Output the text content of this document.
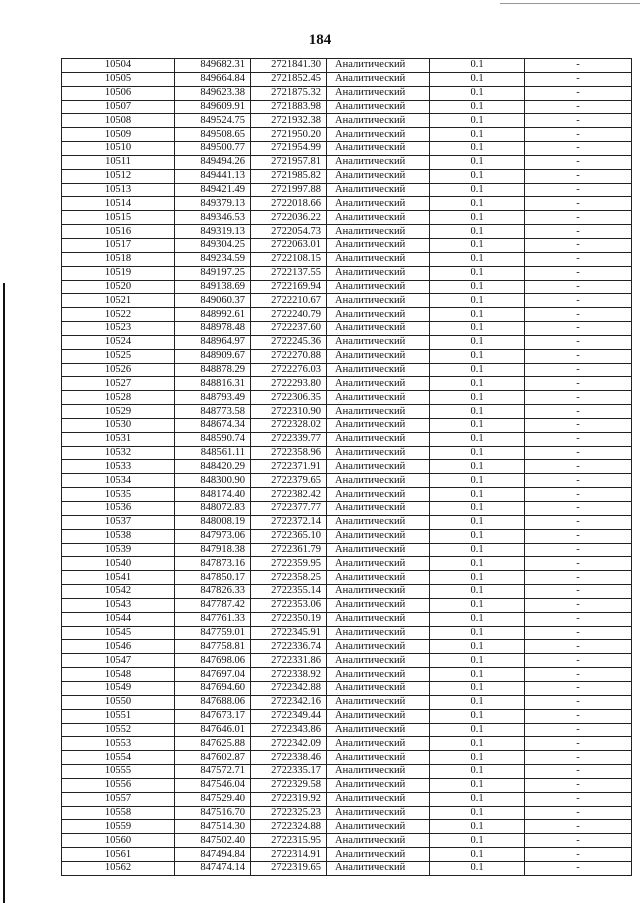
184
10504	849682.31	2721841.30	Аналитический	0.1	-
10505	849664.84	2721852.45	Аналитический	0.1	-
10506	849623.38	2721875.32	Аналитический	0.1	-
10507	849609.91	2721883.98	Аналитический	0.1	-
10508	849524.75	2721932.38	Аналитический	0.1	-
10509	849508.65	2721950.20	Аналитический	0.1	-
10510	849500.77	2721954.99	Аналитический	0.1	-
10511	849494.26	2721957.81	Аналитический	0.1	-
10512	849441.13	2721985.82	Аналитический	0.1	-
10513	849421.49	2721997.88	Аналитический	0.1	-
10514	849379.13	2722018.66	Аналитический	0.1	-
10515	849346.53	2722036.22	Аналитический	0.1	-
10516	849319.13	2722054.73	Аналитический	0.1	-
10517	849304.25	2722063.01	Аналитический	0.1	-
10518	849234.59	2722108.15	Аналитический	0.1	-
10519	849197.25	2722137.55	Аналитический	0.1	-
10520	849138.69	2722169.94	Аналитический	0.1	-
10521	849060.37	2722210.67	Аналитический	0.1	-
10522	848992.61	2722240.79	Аналитический	0.1	-
10523	848978.48	2722237.60	Аналитический	0.1	-
10524	848964.97	2722245.36	Аналитический	0.1	-
10525	848909.67	2722270.88	Аналитический	0.1	-
10526	848878.29	2722276.03	Аналитический	0.1	-
10527	848816.31	2722293.80	Аналитический	0.1	-
10528	848793.49	2722306.35	Аналитический	0.1	-
10529	848773.58	2722310.90	Аналитический	0.1	-
10530	848674.34	2722328.02	Аналитический	0.1	-
10531	848590.74	2722339.77	Аналитический	0.1	-
10532	848561.11	2722358.96	Аналитический	0.1	-
10533	848420.29	2722371.91	Аналитический	0.1	-
10534	848300.90	2722379.65	Аналитический	0.1	-
10535	848174.40	2722382.42	Аналитический	0.1	-
10536	848072.83	2722377.77	Аналитический	0.1	-
10537	848008.19	2722372.14	Аналитический	0.1	-
10538	847973.06	2722365.10	Аналитический	0.1	-
10539	847918.38	2722361.79	Аналитический	0.1	-
10540	847873.16	2722359.95	Аналитический	0.1	-
10541	847850.17	2722358.25	Аналитический	0.1	-
10542	847826.33	2722355.14	Аналитический	0.1	-
10543	847787.42	2722353.06	Аналитический	0.1	-
10544	847761.33	2722350.19	Аналитический	0.1	-
10545	847759.01	2722345.91	Аналитический	0.1	-
10546	847758.81	2722336.74	Аналитический	0.1	-
10547	847698.06	2722331.86	Аналитический	0.1	-
10548	847697.04	2722338.92	Аналитический	0.1	-
10549	847694.60	2722342.88	Аналитический	0.1	-
10550	847688.06	2722342.16	Аналитический	0.1	-
10551	847673.17	2722349.44	Аналитический	0.1	-
10552	847646.01	2722343.86	Аналитический	0.1	-
10553	847625.88	2722342.09	Аналитический	0.1	-
10554	847602.87	2722338.46	Аналитический	0.1	-
10555	847572.71	2722335.17	Аналитический	0.1	-
10556	847546.04	2722329.58	Аналитический	0.1	-
10557	847529.40	2722319.92	Аналитический	0.1	-
10558	847516.70	2722325.23	Аналитический	0.1	-
10559	847514.30	2722324.88	Аналитический	0.1	-
10560	847502.40	2722315.95	Аналитический	0.1	-
10561	847494.84	2722314.91	Аналитический	0.1	-
10562	847474.14	2722319.65	Аналитический	0.1	-
